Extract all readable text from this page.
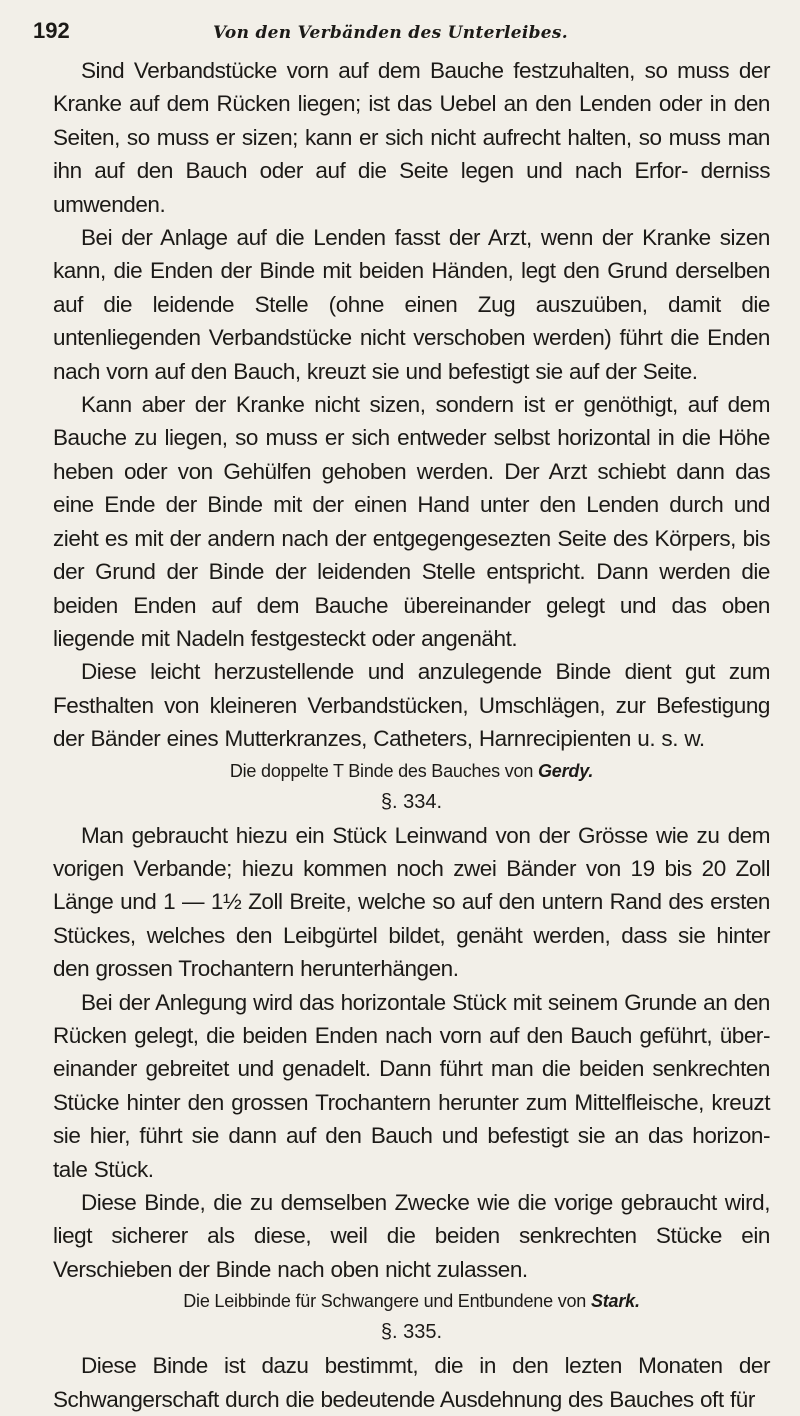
192	Von den Verbänden des Unterleibes.

Sind Verbandstücke vorn auf dem Bauche festzuhalten, so muss der Kranke auf dem Rücken liegen; ist das Uebel an den Lenden oder in den Seiten, so muss er sizen; kann er sich nicht aufrecht halten, so muss man ihn auf den Bauch oder auf die Seite legen und nach Erfor- derniss umwenden.

Bei der Anlage auf die Lenden fasst der Arzt, wenn der Kranke sizen kann, die Enden der Binde mit beiden Händen, legt den Grund derselben auf die leidende Stelle (ohne einen Zug auszuüben, damit die untenliegenden Verbandstücke nicht verschoben werden) führt die Enden nach vorn auf den Bauch, kreuzt sie und befestigt sie auf der Seite.

Kann aber der Kranke nicht sizen, sondern ist er genöthigt, auf dem Bauche zu liegen, so muss er sich entweder selbst horizontal in die Höhe heben oder von Gehülfen gehoben werden. Der Arzt schiebt dann das eine Ende der Binde mit der einen Hand unter den Lenden durch und zieht es mit der andern nach der entgegengesezten Seite des Körpers, bis der Grund der Binde der leidenden Stelle entspricht. Dann werden die beiden Enden auf dem Bauche übereinander gelegt und das oben liegende mit Nadeln festgesteckt oder angenäht.

Diese leicht herzustellende und anzulegende Binde dient gut zum Festhalten von kleineren Verbandstücken, Umschlägen, zur Befestigung der Bänder eines Mutterkranzes, Catheters, Harnrecipienten u. s. w.

Die doppelte T Binde des Bauches von Gerdy.
§. 334.

Man gebraucht hiezu ein Stück Leinwand von der Grösse wie zu dem vorigen Verbande; hiezu kommen noch zwei Bänder von 19 bis 20 Zoll Länge und 1 — 1½ Zoll Breite, welche so auf den untern Rand des ersten Stückes, welches den Leibgürtel bildet, genäht werden, dass sie hinter den grossen Trochantern herunterhängen.

Bei der Anlegung wird das horizontale Stück mit seinem Grunde an den Rücken gelegt, die beiden Enden nach vorn auf den Bauch geführt, über- einander gebreitet und genadelt. Dann führt man die beiden senkrechten Stücke hinter den grossen Trochantern herunter zum Mittelfleische, kreuzt sie hier, führt sie dann auf den Bauch und befestigt sie an das horizon- tale Stück.

Diese Binde, die zu demselben Zwecke wie die vorige gebraucht wird, liegt sicherer als diese, weil die beiden senkrechten Stücke ein Verschieben der Binde nach oben nicht zulassen.

Die Leibbinde für Schwangere und Entbundene von Stark.
§. 335.

Diese Binde ist dazu bestimmt, die in den lezten Monaten der Schwangerschaft durch die bedeutende Ausdehnung des Bauches oft für
